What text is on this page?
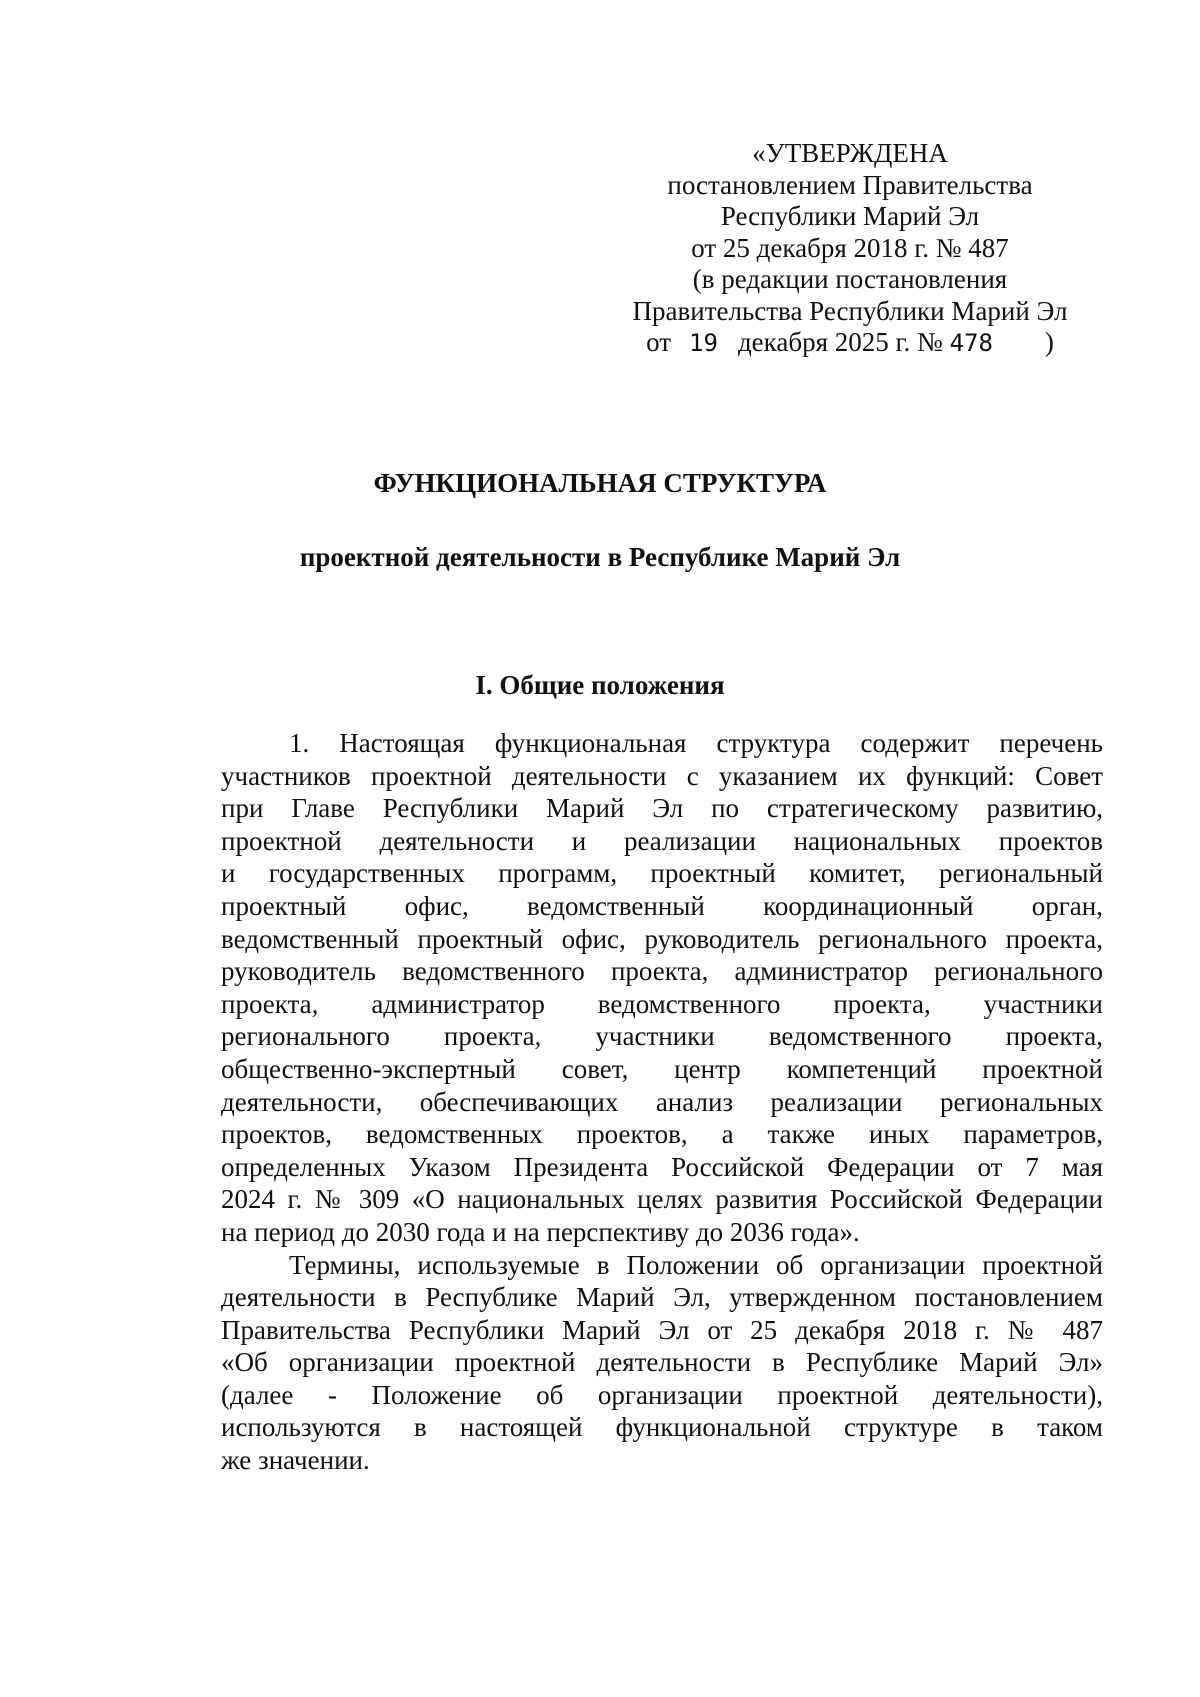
«УТВЕРЖДЕНА
постановлением Правительства
Республики Марий Эл
от 25 декабря 2018 г. № 487
(в редакции постановления
Правительства Республики Марий Эл
от 19 декабря 2025 г. № 478 )
ФУНКЦИОНАЛЬНАЯ СТРУКТУРА
проектной деятельности в Республике Марий Эл
I. Общие положения
1. Настоящая функциональная структура содержит перечень
участников проектной деятельности с указанием их функций: Совет
при Главе Республики Марий Эл по стратегическому развитию,
проектной деятельности и реализации национальных проектов
и государственных программ, проектный комитет, региональный
проектный офис, ведомственный координационный орган,
ведомственный проектный офис, руководитель регионального проекта,
руководитель ведомственного проекта, администратор регионального
проекта, администратор ведомственного проекта, участники
регионального проекта, участники ведомственного проекта,
общественно-экспертный совет, центр компетенций проектной
деятельности, обеспечивающих анализ реализации региональных
проектов, ведомственных проектов, а также иных параметров,
определенных Указом Президента Российской Федерации от 7 мая
2024 г. № 309 «О национальных целях развития Российской Федерации
на период до 2030 года и на перспективу до 2036 года».
Термины, используемые в Положении об организации проектной
деятельности в Республике Марий Эл, утвержденном постановлением
Правительства Республики Марий Эл от 25 декабря 2018 г. № 487
«Об организации проектной деятельности в Республике Марий Эл»
(далее - Положение об организации проектной деятельности),
используются в настоящей функциональной структуре в таком
же значении.
